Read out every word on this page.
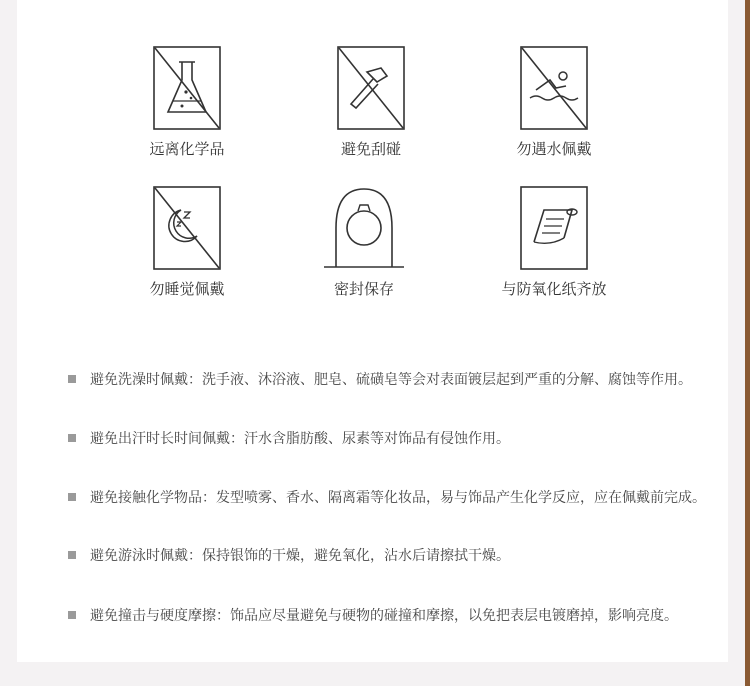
远离化学品	避免刮碰	勿遇水佩戴
勿睡觉佩戴	密封保存	与防氧化纸齐放
避免洗澡时佩戴：洗手液、沐浴液、肥皂、硫磺皂等会对表面镀层起到严重的分解、腐蚀等作用。
避免出汗时长时间佩戴：汗水含脂肪酸、尿素等对饰品有侵蚀作用。
避免接触化学物品：发型喷雾、香水、隔离霜等化妆品，易与饰品产生化学反应，应在佩戴前完成。
避免游泳时佩戴：保持银饰的干燥，避免氧化，沾水后请擦拭干燥。
避免撞击与硬度摩擦：饰品应尽量避免与硬物的碰撞和摩擦，以免把表层电镀磨掉，影响亮度。
